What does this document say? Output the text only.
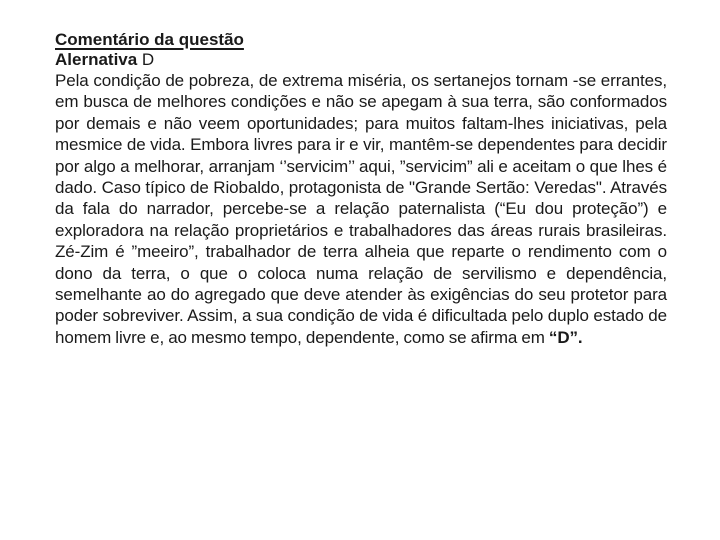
Comentário da questão

Alernativa D

Pela condição de pobreza, de extrema miséria, os sertanejos tornam -se errantes, em busca de melhores condições e não se apegam à sua terra, são conformados por demais e não veem oportunidades; para muitos faltam-lhes iniciativas, pela mesmice de vida. Embora livres para ir e vir, mantêm-se dependentes para decidir por algo a melhorar, arranjam ‘’servicim’’ aqui, ”servicim” ali e aceitam o que lhes é dado. Caso típico de Riobaldo, protagonista de "Grande Sertão: Veredas". Através da fala do narrador, percebe-se a relação paternalista (“Eu dou proteção”) e exploradora na relação proprietários e trabalhadores das áreas rurais brasileiras. Zé-Zim é ”meeiro”, trabalhador de terra alheia que reparte o rendimento com o dono da terra, o que o coloca numa relação de servilismo e dependência, semelhante ao do agregado que deve atender às exigências do seu protetor para poder sobreviver. Assim, a sua condição de vida é dificultada pelo duplo estado de homem livre e, ao mesmo tempo, dependente, como se afirma em “D”.
